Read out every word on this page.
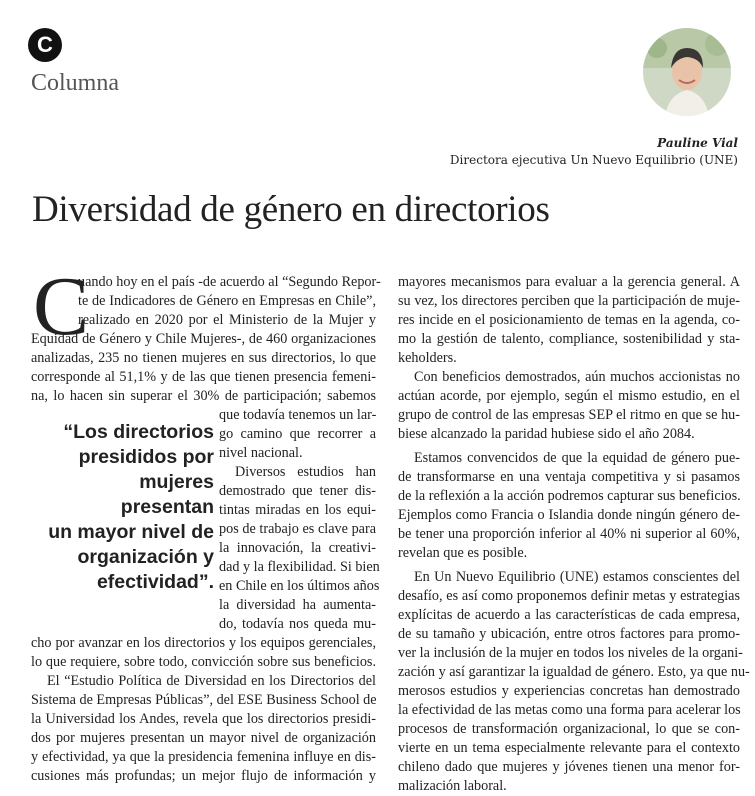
C
Columna
Pauline Vial
Directora ejecutiva Un Nuevo Equilibrio (UNE)
Diversidad de género en directorios
C
uando hoy en el país -de acuerdo al “Segundo Repor-
te de Indicadores de Género en Empresas en Chile”,
realizado en 2020 por el Ministerio de la Mujer y
Equidad de Género y Chile Mujeres-, de 460 organizaciones
analizadas, 235 no tienen mujeres en sus directorios, lo que
corresponde al 51,1% y de las que tienen presencia femeni-
na, lo hacen sin superar el 30% de participación; sabemos
que todavía tenemos un lar-
go camino que recorrer a
nivel nacional.
Diversos estudios han
demostrado que tener dis-
tintas miradas en los equi-
pos de trabajo es clave para
la innovación, la creativi-
dad y la flexibilidad. Si bien
en Chile en los últimos años
la diversidad ha aumenta-
do, todavía nos queda mu-
cho por avanzar en los directorios y los equipos gerenciales,
lo que requiere, sobre todo, convicción sobre sus beneficios.
El “Estudio Política de Diversidad en los Directorios del
Sistema de Empresas Públicas”, del ESE Business School de
la Universidad los Andes, revela que los directorios presidi-
dos por mujeres presentan un mayor nivel de organización
y efectividad, ya que la presidencia femenina influye en dis-
cusiones más profundas; un mejor flujo de información y
“Los directorios
presididos por
mujeres presentan
un mayor nivel de
organización y
efectividad”.
mayores mecanismos para evaluar a la gerencia general. A
su vez, los directores perciben que la participación de muje-
res incide en el posicionamiento de temas en la agenda, co-
mo la gestión de talento, compliance, sostenibilidad y sta-
keholders.
Con beneficios demostrados, aún muchos accionistas no
actúan acorde, por ejemplo, según el mismo estudio, en el
grupo de control de las empresas SEP el ritmo en que se hu-
biese alcanzado la paridad hubiese sido el año 2084.
Estamos convencidos de que la equidad de género pue-
de transformarse en una ventaja competitiva y si pasamos
de la reflexión a la acción podremos capturar sus beneficios.
Ejemplos como Francia o Islandia donde ningún género de-
be tener una proporción inferior al 40% ni superior al 60%,
revelan que es posible.
En Un Nuevo Equilibrio (UNE) estamos conscientes del
desafío, es así como proponemos definir metas y estrategias
explícitas de acuerdo a las características de cada empresa,
de su tamaño y ubicación, entre otros factores para promo-
ver la inclusión de la mujer en todos los niveles de la organi-
zación y así garantizar la igualdad de género. Esto, ya que nu-
merosos estudios y experiencias concretas han demostrado
la efectividad de las metas como una forma para acelerar los
procesos de transformación organizacional, lo que se con-
vierte en un tema especialmente relevante para el contexto
chileno dado que mujeres y jóvenes tienen una menor for-
malización laboral.
